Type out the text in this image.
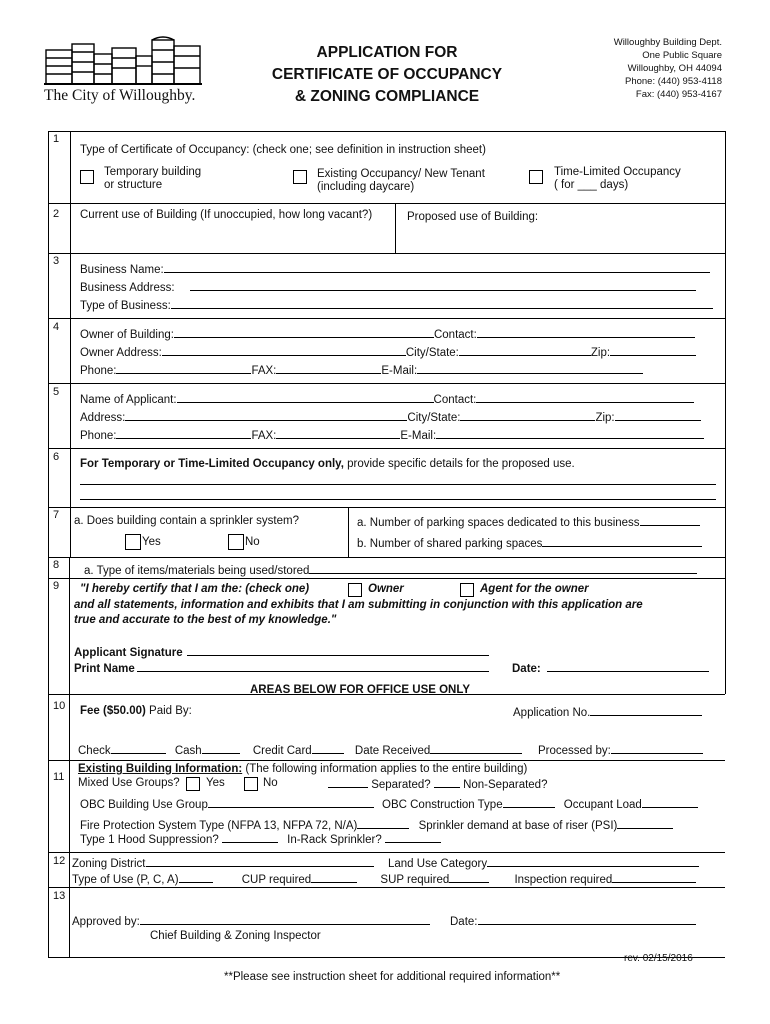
The City of Willoughby.
APPLICATION FOR
CERTIFICATE OF OCCUPANCY
& ZONING COMPLIANCE
Willoughby Building Dept.
One Public Square
Willoughby, OH 44094
Phone: (440) 953-4118
Fax: (440) 953-4167
1
Type of Certificate of Occupancy: (check one; see definition in instruction sheet)
Temporary building
or structure
Existing Occupancy/ New Tenant
(including daycare)
Time-Limited Occupancy
( for ___ days)
2 Current use of Building (If unoccupied, how long vacant?)	Proposed use of Building:
3
Business Name:
Business Address:
Type of Business:
4
Owner of Building:	Contact:
Owner Address:	City/State:	Zip:
Phone:	FAX:	E-Mail:
5
Name of Applicant:	Contact:
Address:	City/State:	Zip:
Phone:	FAX:	E-Mail:
6
For Temporary or Time-Limited Occupancy only, provide specific details for the proposed use.
7 a. Does building contain a sprinkler system?
Yes	No
a. Number of parking spaces dedicated to this business
b. Number of shared parking spaces
8 a. Type of items/materials being used/stored
9 "I hereby certify that I am the: (check one)	Owner	Agent for the owner
and all statements, information and exhibits that I am submitting in conjunction with this application are
true and accurate to the best of my knowledge."
Applicant Signature
Print Name	Date:
AREAS BELOW FOR OFFICE USE ONLY
10 Fee ($50.00) Paid By:	Application No.
Check	Cash	Credit Card	Date Received	Processed by:
11
Existing Building Information: (The following information applies to the entire building)
Mixed Use Groups? Yes	No	Separated?	Non-Separated?
OBC Building Use Group	OBC Construction Type	Occupant Load
Fire Protection System Type (NFPA 13, NFPA 72, N/A)	Sprinkler demand at base of riser (PSI)
Type 1 Hood Suppression?	In-Rack Sprinkler?
12 Zoning District	Land Use Category
Type of Use (P, C, A)	CUP required	SUP required	Inspection required
13
Approved by:	Date:
Chief Building & Zoning Inspector
rev. 02/15/2016
**Please see instruction sheet for additional required information**
